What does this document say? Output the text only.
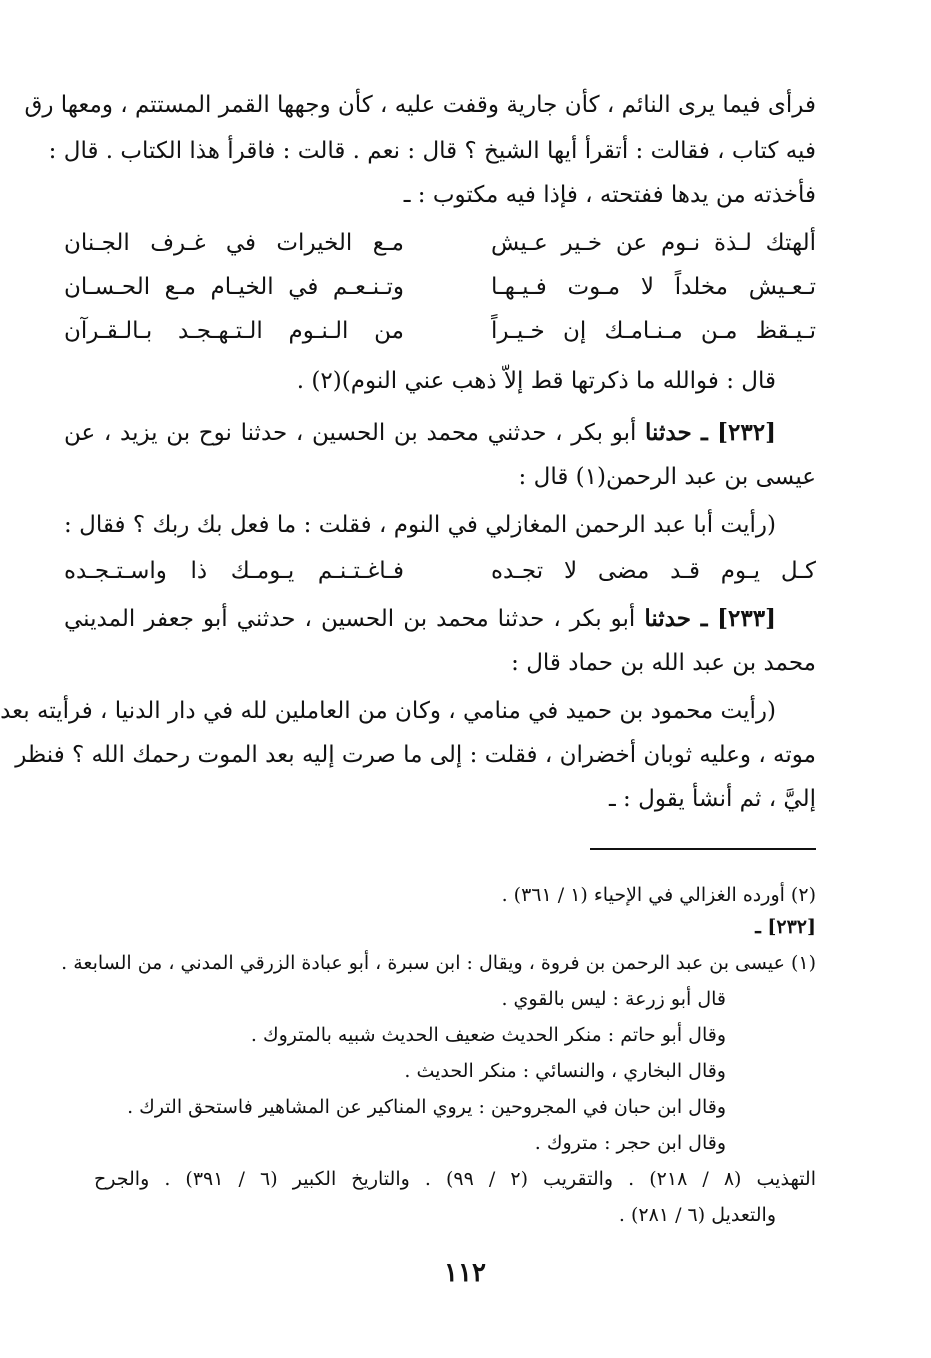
فرأى فيما يرى النائم ، كأن جارية وقفت عليه ، كأن وجهها القمر المستتم ، ومعها رق
فيه كتاب ، فقالت : أتقرأ أيها الشيخ ؟ قال : نعم . قالت : فاقرأ هذا الكتاب . قال :
فأخذته من يدها ففتحته ، فإذا فيه مكتوب : ـ
ألهتك لـذة نـوم عن خـير عـيش
مـع الخيرات في غـرف الجـنان
تـعـيش مخلداً لا مـوت فـيـهـا
وتـنـعـم في الخيـام مـع الحـسـان
تـيـقظ مـن مـنـامـك إن خـيـراً
من الـنـوم الـتـهـجـد بـالـقـرآن
قال : فوالله ما ذكرتها قط إلاّ ذهب عني النوم)(٢) .
[٢٣٢] ـ حدثنا أبو بكر ، حدثني محمد بن الحسين ، حدثنا نوح بن يزيد ، عن
عيسى بن عبد الرحمن(١) قال :
(رأيت أبا عبد الرحمن المغازلي في النوم ، فقلت : ما فعل بك ربك ؟ فقال :
كـل يـوم قـد مضى لا تجـده
فـاغـتـنـم يـومـك ذا واسـتـجـده
[٢٣٣] ـ حدثنا أبو بكر ، حدثنا محمد بن الحسين ، حدثني أبو جعفر المديني
محمد بن عبد الله بن حماد قال :
(رأيت محمود بن حميد في منامي ، وكان من العاملين لله في دار الدنيا ، فرأيته بعد
موته ، وعليه ثوبان أخضران ، فقلت : إلى ما صرت إليه بعد الموت رحمك الله ؟ فنظر
إليَّ ، ثم أنشأ يقول : ـ
(٢) أورده الغزالي في الإحياء (١ / ٣٦١) .
[٢٣٢] ـ
(١) عيسى بن عبد الرحمن بن فروة ، ويقال : ابن سبرة ، أبو عبادة الزرقي المدني ، من السابعة .
قال أبو زرعة : ليس بالقوي .
وقال أبو حاتم : منكر الحديث ضعيف الحديث شبيه بالمتروك .
وقال البخاري ، والنسائي : منكر الحديث .
وقال ابن حبان في المجروحين : يروي المناكير عن المشاهير فاستحق الترك .
وقال ابن حجر : متروك .
التهذيب (٨ / ٢١٨) . والتقريب (٢ / ٩٩) . والتاريخ الكبير (٦ / ٣٩١) . والجرح
والتعديل (٦ / ٢٨١) .
١١٢
